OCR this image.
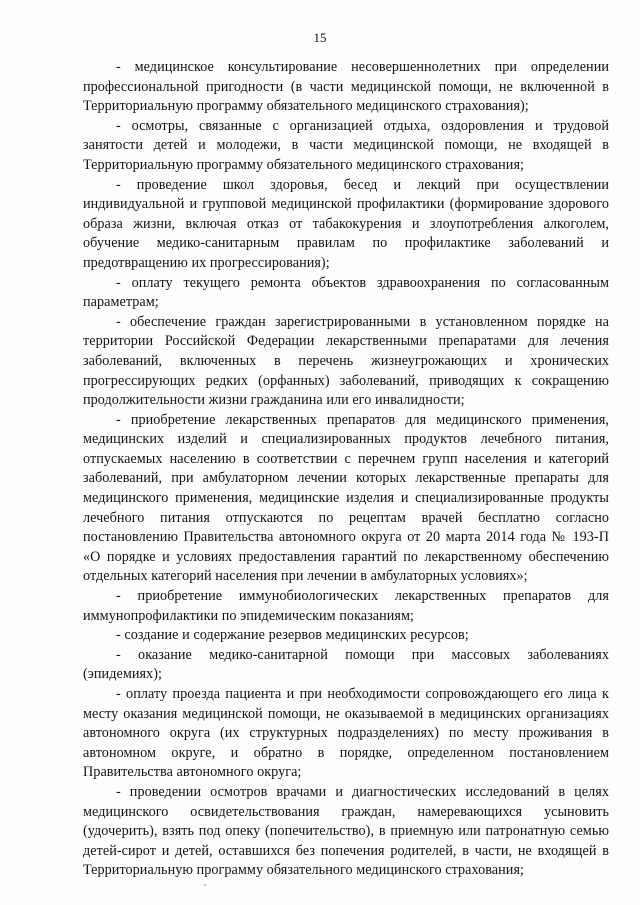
15

- медицинское консультирование несовершеннолетних при определении профессиональной пригодности (в части медицинской помощи, не включенной в Территориальную программу обязательного медицинского страхования);

- осмотры, связанные с организацией отдыха, оздоровления и трудовой занятости детей и молодежи, в части медицинской помощи, не входящей в Территориальную программу обязательного медицинского страхования;

- проведение школ здоровья, бесед и лекций при осуществлении индивидуальной и групповой медицинской профилактики (формирование здорового образа жизни, включая отказ от табакокурения и злоупотребления алкоголем, обучение медико-санитарным правилам по профилактике заболеваний и предотвращению их прогрессирования);

- оплату текущего ремонта объектов здравоохранения по согласованным параметрам;

- обеспечение граждан зарегистрированными в установленном порядке на территории Российской Федерации лекарственными препаратами для лечения заболеваний, включенных в перечень жизнеугрожающих и хронических прогрессирующих редких (орфанных) заболеваний, приводящих к сокращению продолжительности жизни гражданина или его инвалидности;

- приобретение лекарственных препаратов для медицинского применения, медицинских изделий и специализированных продуктов лечебного питания, отпускаемых населению в соответствии с перечнем групп населения и категорий заболеваний, при амбулаторном лечении которых лекарственные препараты для медицинского применения, медицинские изделия и специализированные продукты лечебного питания отпускаются по рецептам врачей бесплатно согласно постановлению Правительства автономного округа от 20 марта 2014 года № 193-П «О порядке и условиях предоставления гарантий по лекарственному обеспечению отдельных категорий населения при лечении в амбулаторных условиях»;

- приобретение иммунобиологических лекарственных препаратов для иммунопрофилактики по эпидемическим показаниям;

- создание и содержание резервов медицинских ресурсов;

- оказание медико-санитарной помощи при массовых заболеваниях (эпидемиях);

- оплату проезда пациента и при необходимости сопровождающего его лица к месту оказания медицинской помощи, не оказываемой в медицинских организациях автономного округа (их структурных подразделениях) по месту проживания в автономном округе, и обратно в порядке, определенном постановлением Правительства автономного округа;

- проведении осмотров врачами и диагностических исследований в целях медицинского освидетельствования граждан, намеревающихся усыновить (удочерить), взять под опеку (попечительство), в приемную или патронатную семью детей-сирот и детей, оставшихся без попечения родителей, в части, не входящей в Территориальную программу обязательного медицинского страхования;
